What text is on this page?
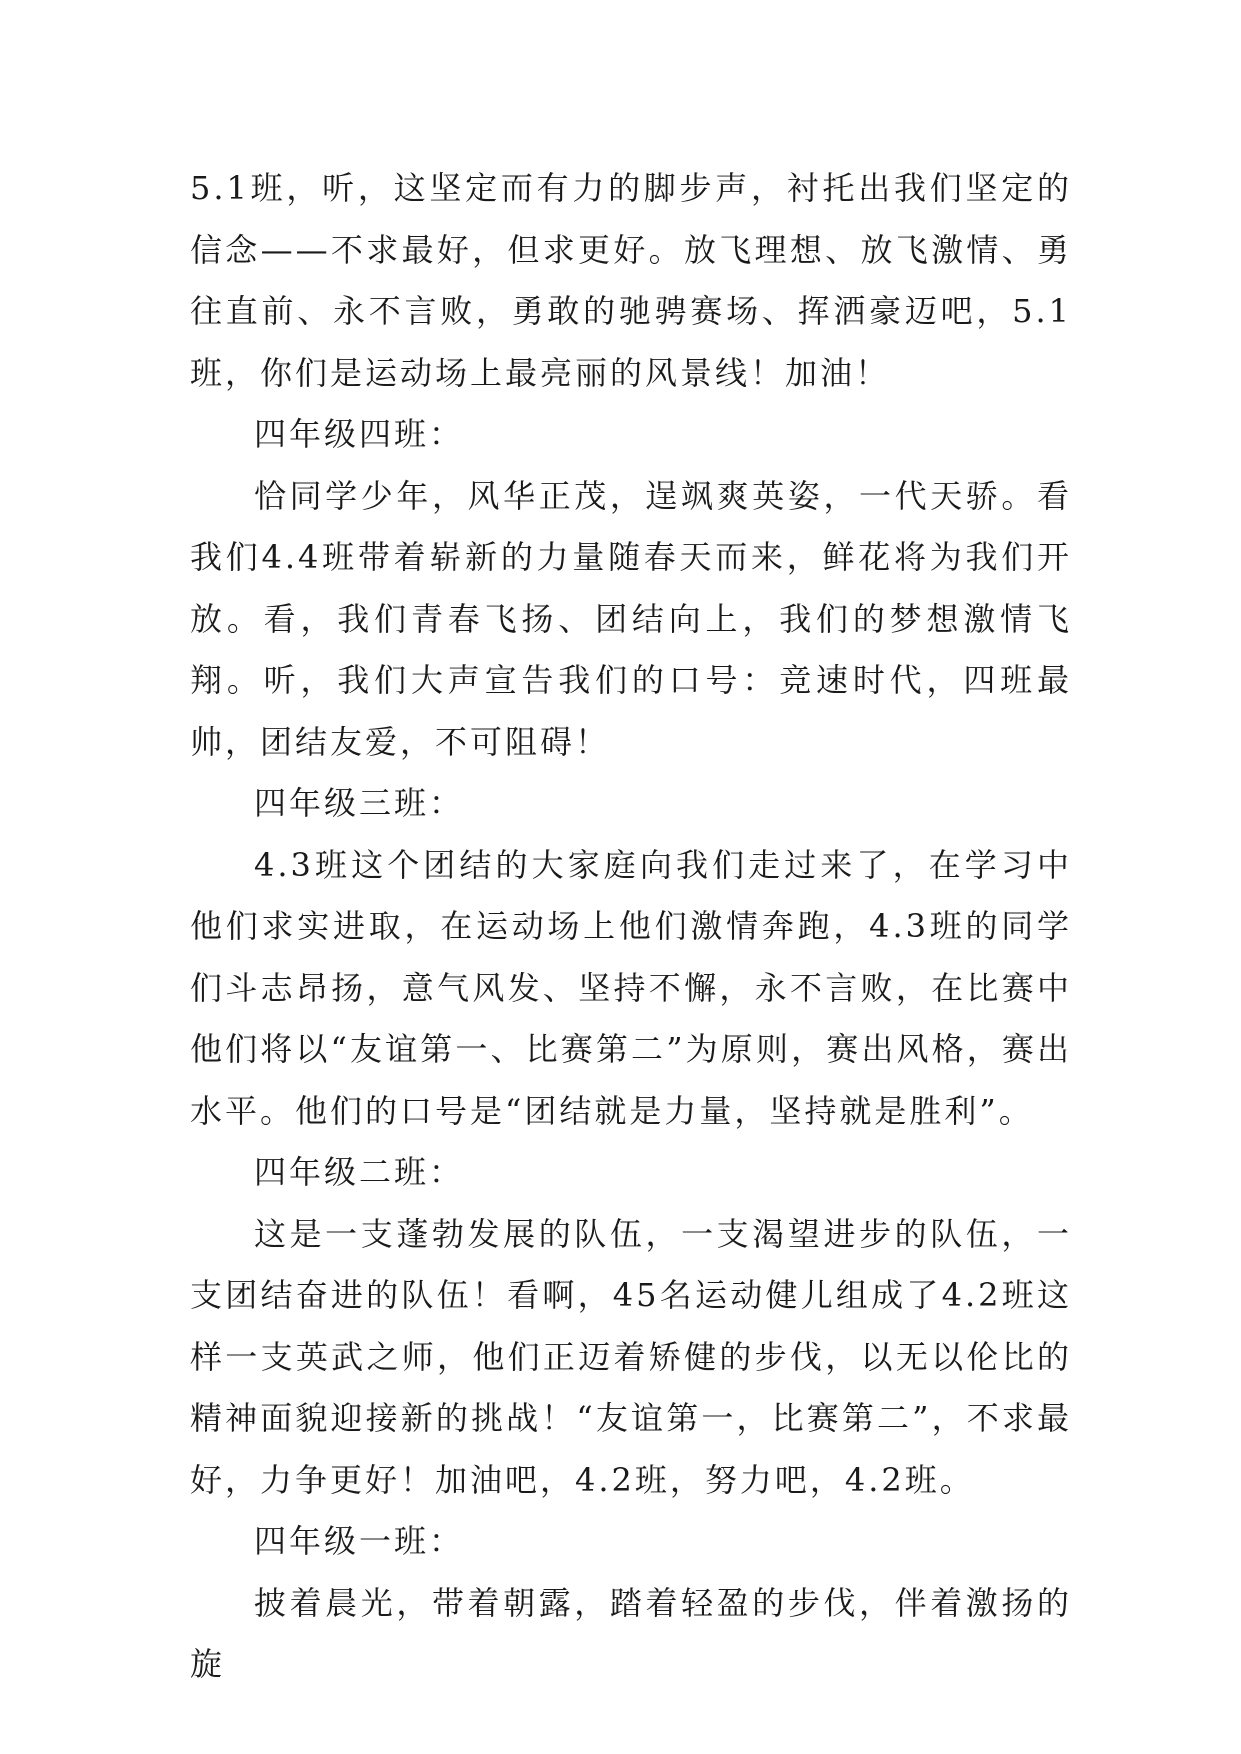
5.1班，听，这坚定而有力的脚步声，衬托出我们坚定的信念——不求最好，但求更好。放飞理想、放飞激情、勇往直前、永不言败，勇敢的驰骋赛场、挥洒豪迈吧，5.1班，你们是运动场上最亮丽的风景线！加油！

四年级四班：

恰同学少年，风华正茂，逞飒爽英姿，一代天骄。看我们4.4班带着崭新的力量随春天而来，鲜花将为我们开放。看，我们青春飞扬、团结向上，我们的梦想激情飞翔。听，我们大声宣告我们的口号：竞速时代，四班最帅，团结友爱，不可阻碍！

四年级三班：

4.3班这个团结的大家庭向我们走过来了，在学习中他们求实进取，在运动场上他们激情奔跑，4.3班的同学们斗志昂扬，意气风发、坚持不懈，永不言败，在比赛中他们将以“友谊第一、比赛第二”为原则，赛出风格，赛出水平。他们的口号是“团结就是力量，坚持就是胜利”。

四年级二班：

这是一支蓬勃发展的队伍，一支渴望进步的队伍，一支团结奋进的队伍！看啊，45名运动健儿组成了4.2班这样一支英武之师，他们正迈着矫健的步伐，以无以伦比的精神面貌迎接新的挑战！“友谊第一，比赛第二”，不求最好，力争更好！加油吧，4.2班，努力吧，4.2班。

四年级一班：

披着晨光，带着朝露，踏着轻盈的步伐，伴着激扬的旋
